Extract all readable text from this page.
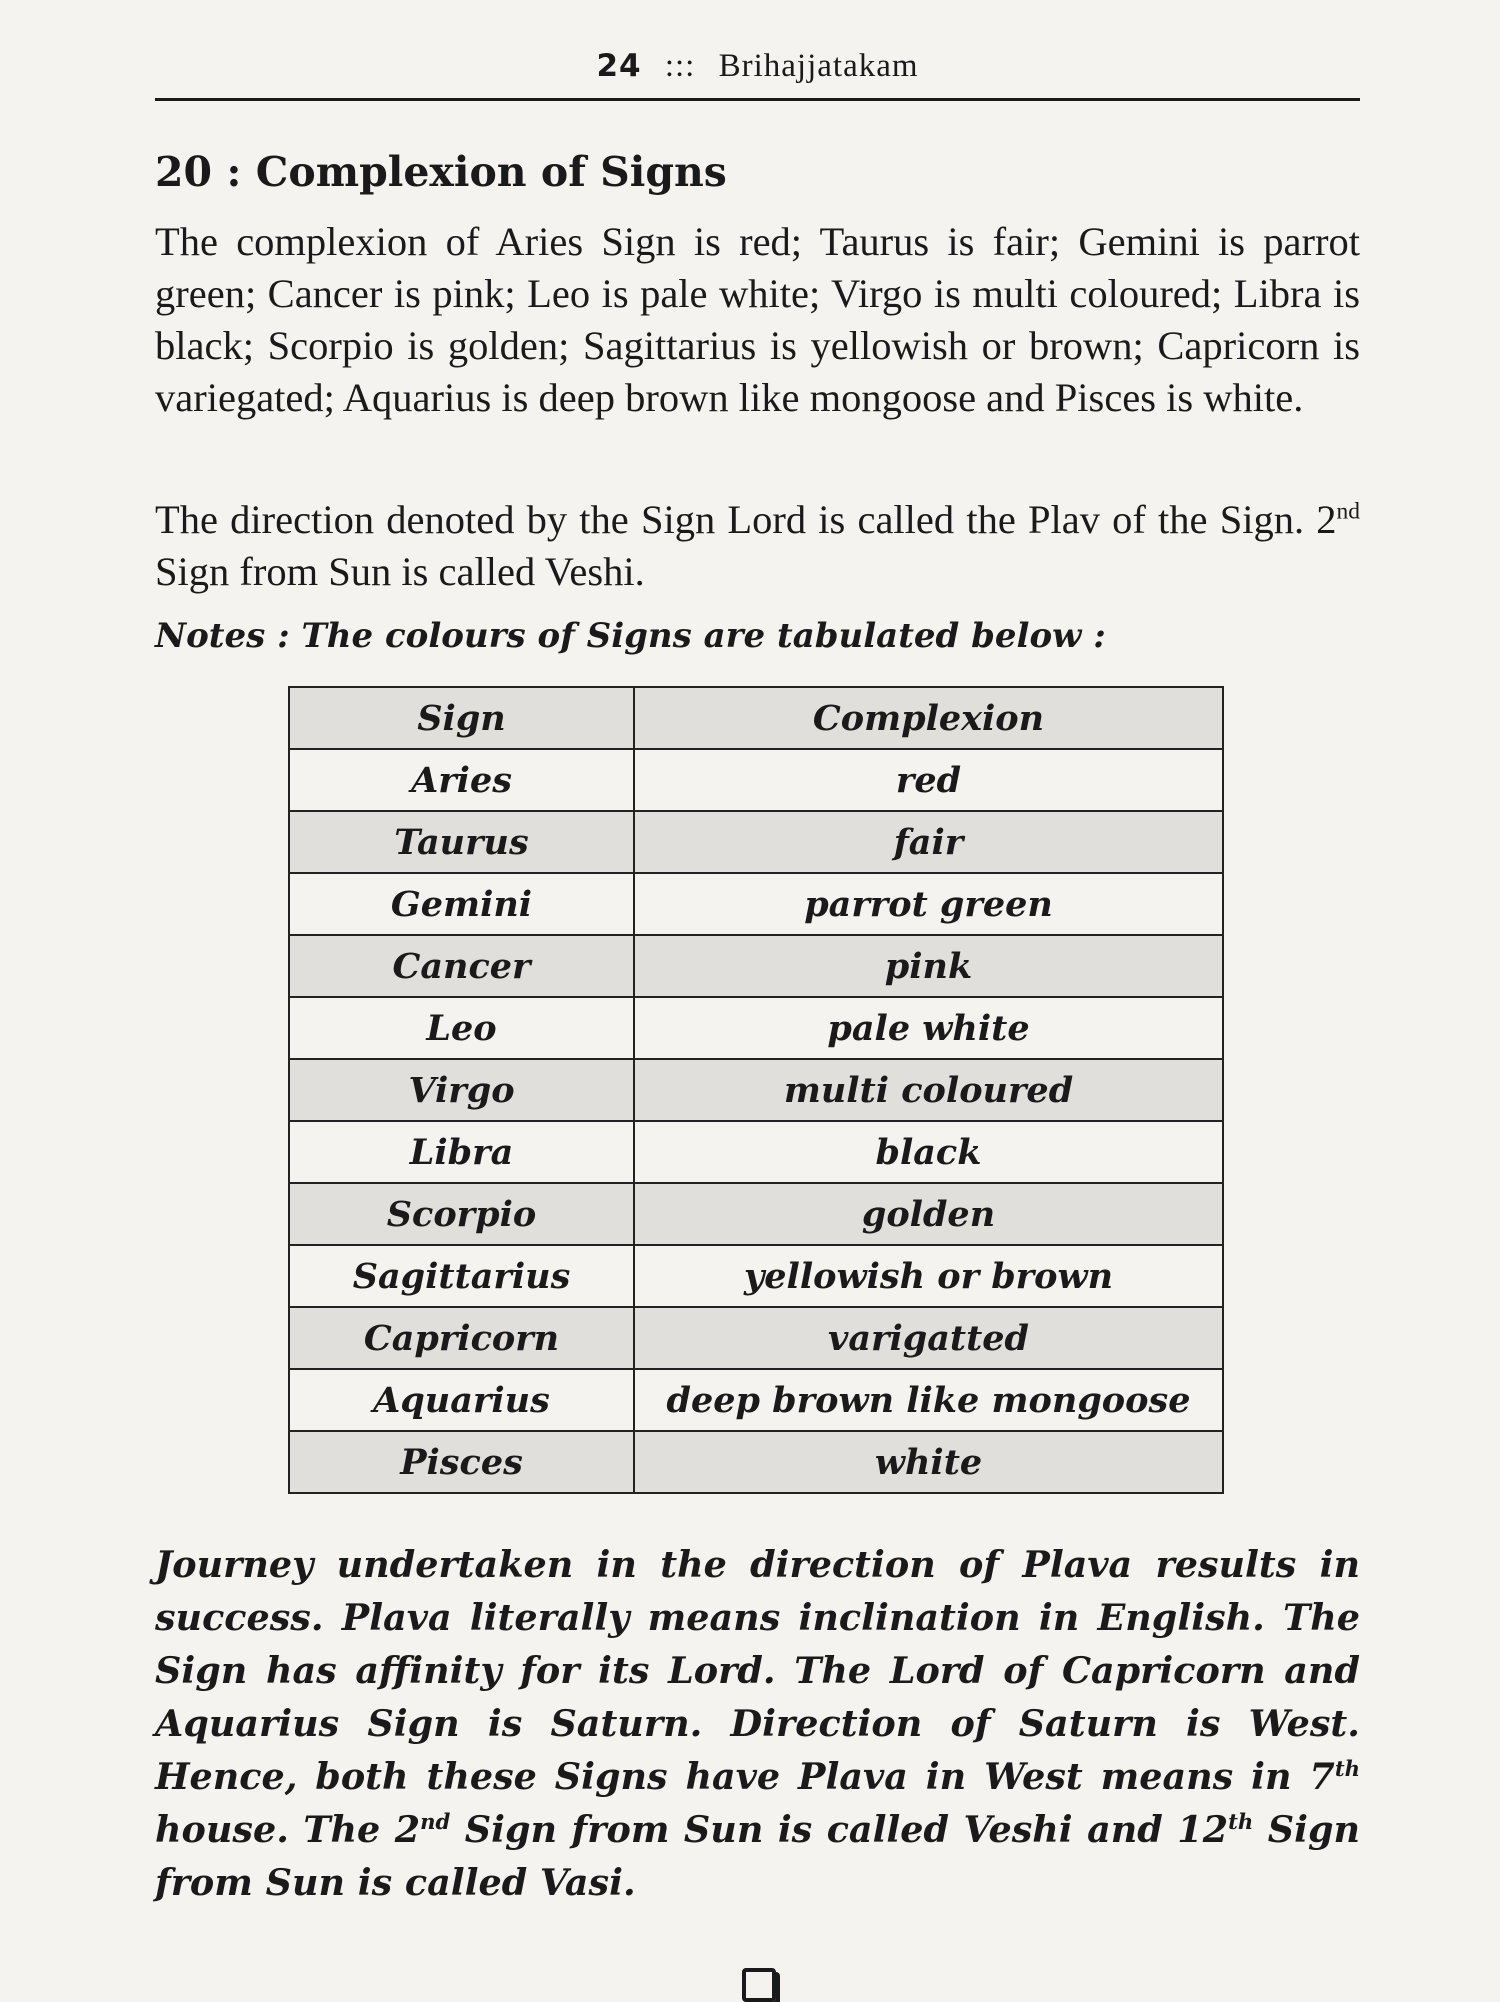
24 ::: Brihajjatakam
20 : Complexion of Signs

The complexion of Aries Sign is red; Taurus is fair; Gemini is parrot green; Cancer is pink; Leo is pale white; Virgo is multi coloured; Libra is black; Scorpio is golden; Sagittarius is yellowish or brown; Capricorn is variegated; Aquarius is deep brown like mongoose and Pisces is white.

The direction denoted by the Sign Lord is called the Plav of the Sign. 2nd Sign from Sun is called Veshi.

Notes : The colours of Signs are tabulated below :
Sign	Complexion
Aries	red
Taurus	fair
Gemini	parrot green
Cancer	pink
Leo	pale white
Virgo	multi coloured
Libra	black
Scorpio	golden
Sagittarius	yellowish or brown
Capricorn	varigatted
Aquarius	deep brown like mongoose
Pisces	white

Journey undertaken in the direction of Plava results in success. Plava literally means inclination in English. The Sign has affinity for its Lord. The Lord of Capricorn and Aquarius Sign is Saturn. Direction of Saturn is West. Hence, both these Signs have Plava in West means in 7th house. The 2nd Sign from Sun is called Veshi and 12th Sign from Sun is called Vasi.
